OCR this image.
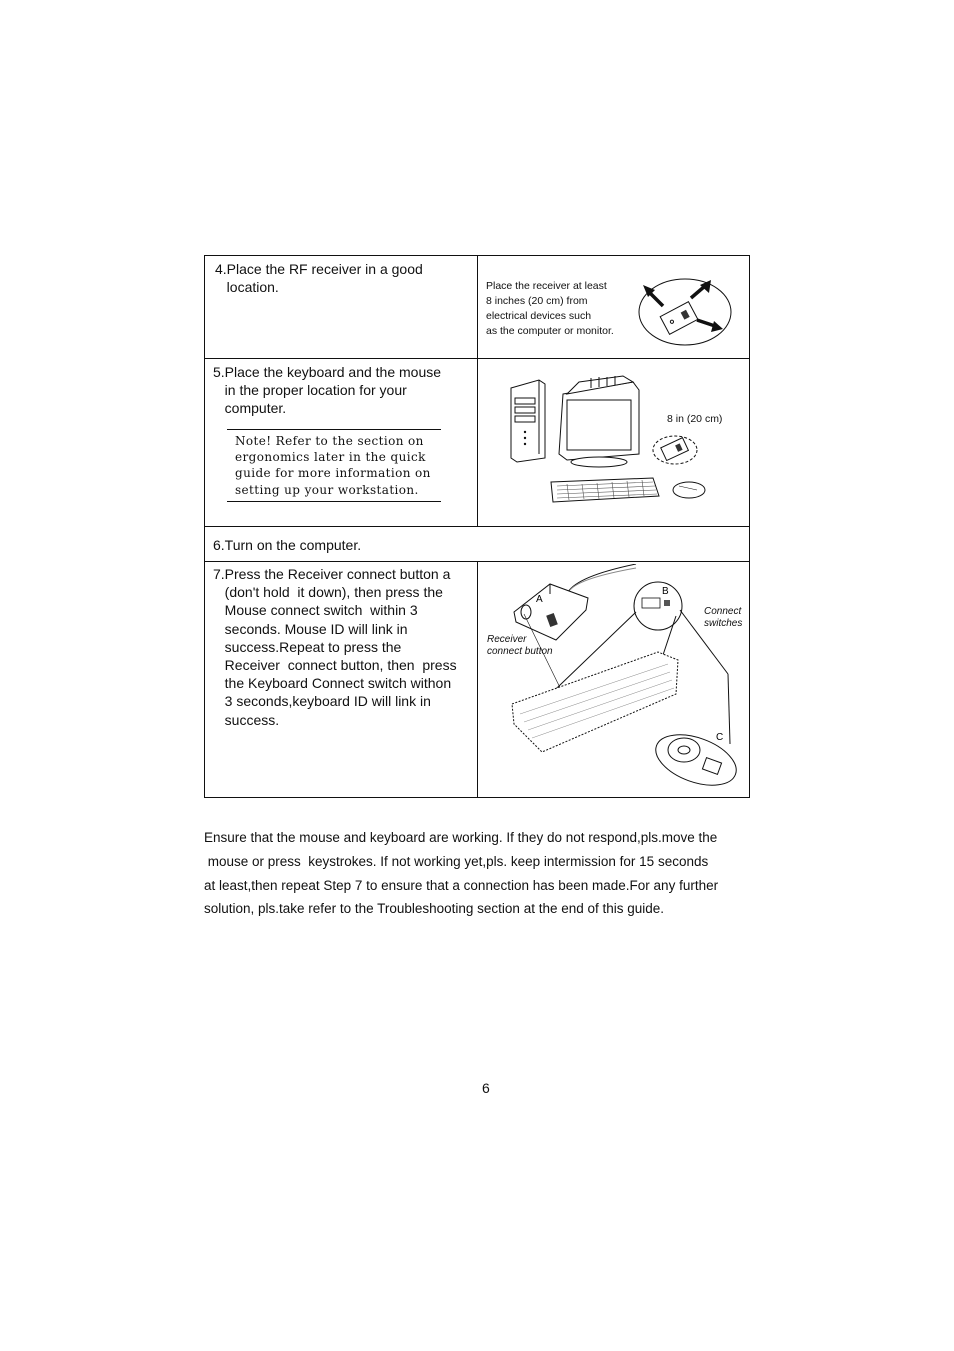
4.Place the RF receiver in a good
location.	Place the receiver at least
8 inches (20 cm) from
electrical devices such
as the computer or monitor.
5.Place the keyboard and the mouse
in the proper location for your
computer.
Note! Refer to the section on
ergonomics later in the quick
guide for more information on
setting up your workstation.
8 in (20 cm)
6.Turn on the computer.
7.Press the Receiver connect button a
(don't hold  it down), then press the
Mouse connect switch  within 3
seconds. Mouse ID will link in
success.Repeat to press the
Receiver  connect button, then  press
the Keyboard Connect switch withon
3 seconds,keyboard ID will link in
success.
A
B
C
Receiver
connect button
Connect
switches
Ensure that the mouse and keyboard are working. If they do not respond,pls.move the
mouse or press  keystrokes. If not working yet,pls. keep intermission for 15 seconds
at least,then repeat Step 7 to ensure that a connection has been made.For any further
solution, pls.take refer to the Troubleshooting section at the end of this guide.
6
